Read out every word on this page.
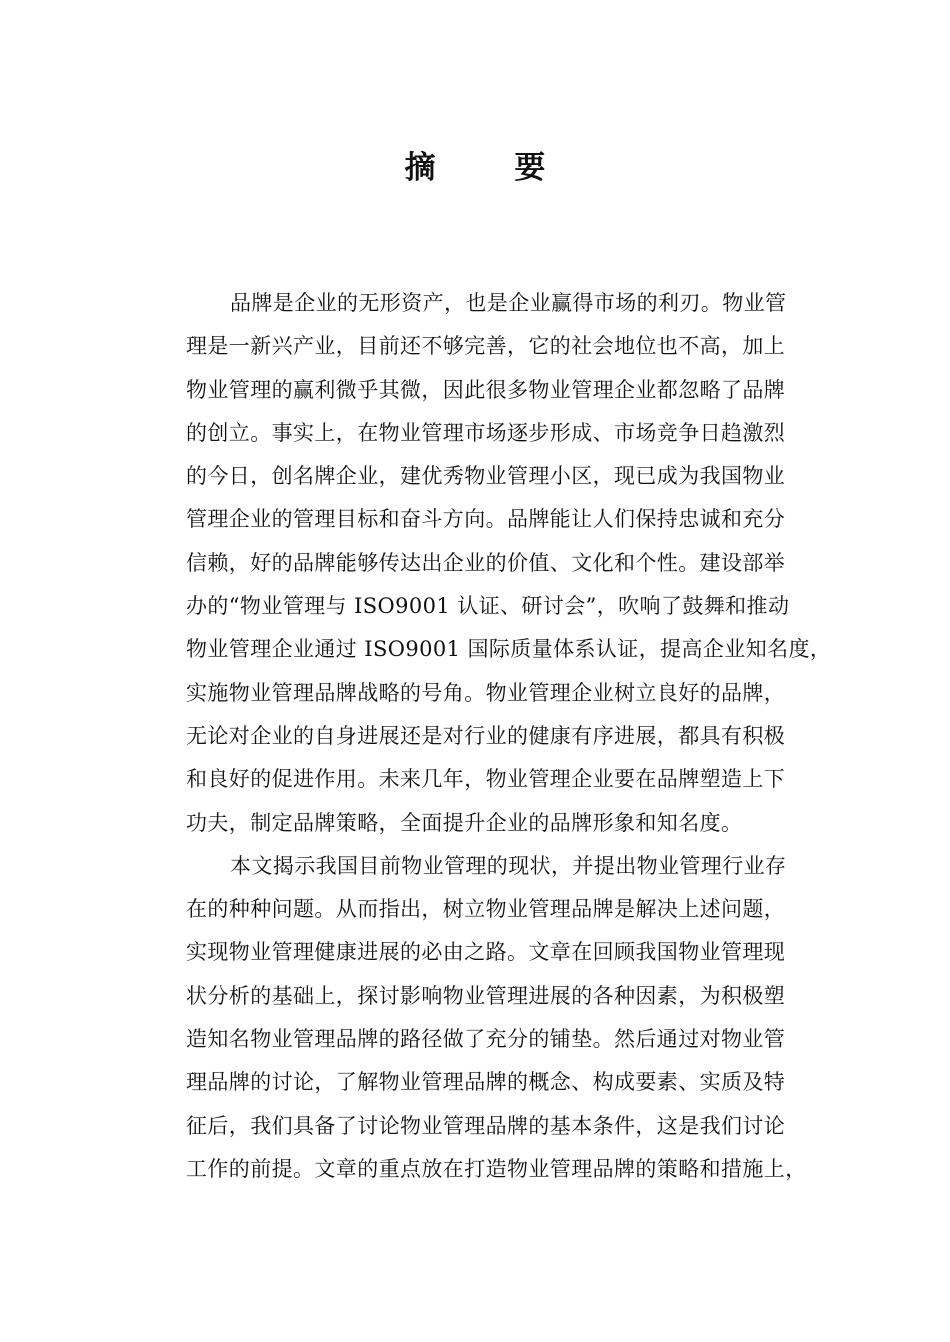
摘 要

品牌是企业的无形资产，也是企业赢得市场的利刃。物业管
理是一新兴产业，目前还不够完善，它的社会地位也不高，加上
物业管理的赢利微乎其微，因此很多物业管理企业都忽略了品牌
的创立。事实上，在物业管理市场逐步形成、市场竞争日趋激烈
的今日，创名牌企业，建优秀物业管理小区，现已成为我国物业
管理企业的管理目标和奋斗方向。品牌能让人们保持忠诚和充分
信赖，好的品牌能够传达出企业的价值、文化和个性。建设部举
办的“物业管理与 ISO9001 认证、研讨会”，吹响了鼓舞和推动
物业管理企业通过 ISO9001 国际质量体系认证，提高企业知名度，
实施物业管理品牌战略的号角。物业管理企业树立良好的品牌，
无论对企业的自身进展还是对行业的健康有序进展，都具有积极
和良好的促进作用。未来几年，物业管理企业要在品牌塑造上下
功夫，制定品牌策略，全面提升企业的品牌形象和知名度。

本文揭示我国目前物业管理的现状，并提出物业管理行业存
在的种种问题。从而指出，树立物业管理品牌是解决上述问题，
实现物业管理健康进展的必由之路。文章在回顾我国物业管理现
状分析的基础上，探讨影响物业管理进展的各种因素，为积极塑
造知名物业管理品牌的路径做了充分的铺垫。然后通过对物业管
理品牌的讨论，了解物业管理品牌的概念、构成要素、实质及特
征后，我们具备了讨论物业管理品牌的基本条件，这是我们讨论
工作的前提。文章的重点放在打造物业管理品牌的策略和措施上，
